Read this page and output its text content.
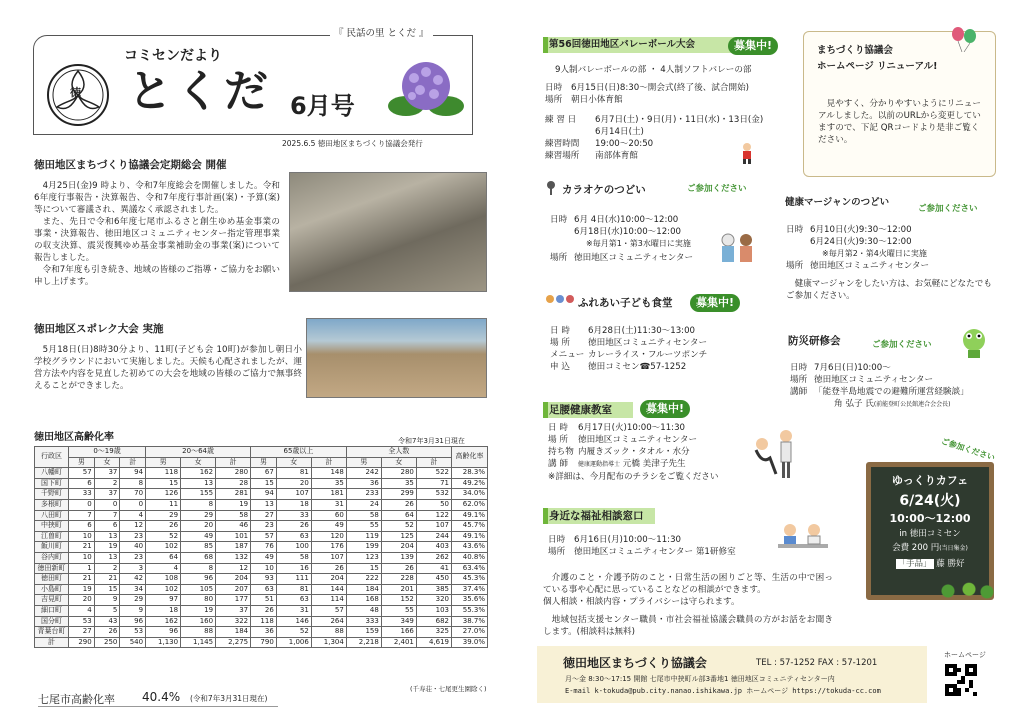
『 民話の里 とくだ 』
徳
コミセンだより
とくだ 6月号
2025.6.5 徳田地区まちづくり協議会発行
徳田地区まちづくり協議会定期総会 開催

4月25日(金)9 時より、令和7年度総会を開催しました。令和6年度行事報告・決算報告、令和7年度行事計画(案)・予算(案)等について審議され、異議なく承認されました。

また、先日で令和6年度七尾市ふるさと創生ゆめ基金事業の事業・決算報告、徳田地区コミュニティセンター指定管理事業の収支決算、震災復興ゆめ基金事業補助金の事業(案)について報告しました。

令和7年度も引き続き、地域の皆様のご指導・ご協力をお願い申し上げます。

徳田地区スポレク大会 実施

5月18日(日)8時30分より、11町(子ども会 10町)が参加し朝日小学校グラウンドにおいて実施しました。天候も心配されましたが、運営方法や内容を見直した初めての大会を地域の皆様のご協力で無事終えることができました。

徳田地区高齢化率	令和7年3月31日現在
行政区	0～19歳			20～64歳			65歳以上			全人数			高齢化率
	男	女	計	男	女	計	男	女	計	男	女	計	
八幡町	57	37	94	118	162	280	67	81	148	242	280	522	28.3%
国下町	6	2	8	15	13	28	15	20	35	36	35	71	49.2%
千野町	33	37	70	126	155	281	94	107	181	233	299	532	34.0%
多根町	0	0	0	11	8	19	13	18	31	24	26	50	62.0%
八田町	7	7	4	29	29	58	27	33	60	58	64	122	49.1%
中挟町	6	6	12	26	20	46	23	26	49	55	52	107	45.7%
江曽町	10	13	23	52	49	101	57	63	120	119	125	244	49.1%
飯川町	21	19	40	102	85	187	76	100	176	199	204	403	43.6%
谷内町	10	13	23	64	68	132	49	58	107	123	139	262	40.8%
徳田新町	1	2	3	4	8	12	10	16	26	15	26	41	63.4%
徳田町	21	21	42	108	96	204	93	111	204	222	228	450	45.3%
小島町	19	15	34	102	105	207	63	81	144	184	201	385	37.4%
吉見町	20	9	29	97	80	177	51	63	114	168	152	320	35.6%
細口町	4	5	9	18	19	37	26	31	57	48	55	103	55.3%
国分町	53	43	96	162	160	322	118	146	264	333	349	682	38.7%
青葉台町	27	26	53	96	88	184	36	52	88	159	166	325	27.0%
計	290	250	540	1,130	1,145	2,275	790	1,006	1,304	2,218	2,401	4,619	39.0%
(千寿荘・七尾更生園除く)
七尾市高齢化率 40.4% (令和7年3月31日現在)
第56回徳田地区バレーボール大会	募集中!
9人制バレーボールの部 ・ 4人制ソフトバレーの部
日時 6月15日(日)8:30～開会式(終了後、試合開始)
場所 朝日小体育館
練 習 日 6月7日(土)・9日(月)・11日(水)・13日(金)
6月14日(土)
練習時間 19:00～20:50
練習場所 南部体育館
カラオケのつどい	ご参加ください
日時 6月 4日(水)10:00～12:00
6月18日(水)10:00～12:00
※毎月第1・第3水曜日に実施
場所 徳田地区コミュニティセンター
ふれあい子ども食堂	募集中!
日 時 6月28日(土)11:30～13:00
場 所 徳田地区コミュニティセンター
メニュー カレーライス・フルーツポンチ
申 込 徳田コミセン☎57-1252
足腰健康教室	募集中!
日 時 6月17日(火)10:00～11:30
場 所 徳田地区コミュニティセンター
持ち物 内履きズック・タオル・水分
講 師 健康運動指導士 元橋 美津子先生
※詳細は、今月配布のチラシをご覧ください
身近な福祉相談窓口
日時 6月16日(月)10:00～11:30
場所 徳田地区コミュニティセンター 第1研修室

介護のこと・介護予防のこと・日常生活の困りごと等、生活の中で困っている事や心配に思っていることなどの相談ができます。

個人相談・相談内容・プライバシーは守られます。

地域包括支援センター職員・市社会福祉協議会職員の方がお話をお聞きします。(相談料は無料)

まちづくり協議会
ホームページ リニューアル!
見やすく、分かりやすいようにリニューアルしました。以前のURLから変更していますので、下記 QRコードより是非ご覧ください。
健康マージャンのつどい
ご参加ください
日時 6月10日(火)9:30～12:00
6月24日(火)9:30～12:00
※毎月第2・第4火曜日に実施
場所 徳田地区コミュニティセンター
健康マージャンをしたい方は、お気軽にどなたでもご参加ください。
防災研修会	ご参加ください
日時 7月6日(日)10:00～
場所 徳田地区コミュニティセンター
講師 「能登半島地震での避難所運営経験談」
角 弘子 氏(前能登町公民館連合会会長)
ご参加ください
ゆっくりカフェ
6/24(火)
10:00～12:00
in 徳田コミセン
会費 200 円(当日集金)
「手品」 藤 勝好
徳田地区まちづくり協議会	TEL : 57-1252 FAX : 57-1201
月～金 8:30～17:15 開館 七尾市中挟町ル部3番地1 徳田地区コミュニティセンター内
E-mail k-tokuda@pub.city.nanao.ishikawa.jp ホームページ https://tokuda-cc.com
ホームページ
